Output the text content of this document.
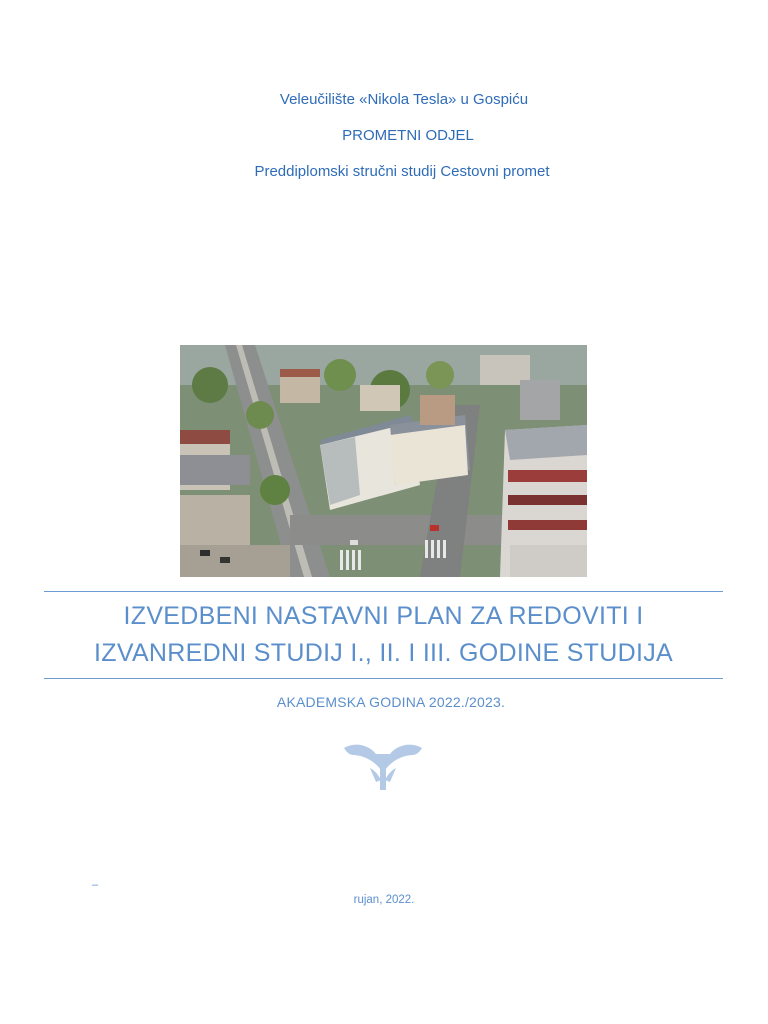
Veleučilište «Nikola Tesla» u Gospiću
PROMETNI ODJEL
Preddiplomski stručni studij Cestovni promet
IZVEDBENI NASTAVNI PLAN ZA REDOVITI I
IZVANREDNI STUDIJ I., II. I III. GODINE STUDIJA
AKADEMSKA GODINA 2022./2023.
–
rujan, 2022.
